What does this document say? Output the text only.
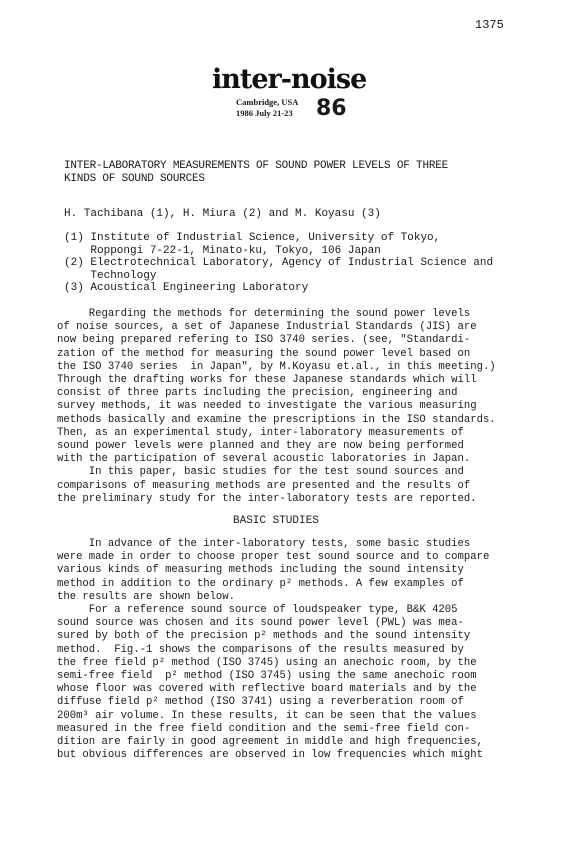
1375
inter-noise
Cambridge, USA
1986 July 21-23 86
INTER-LABORATORY MEASUREMENTS OF SOUND POWER LEVELS OF THREE
KINDS OF SOUND SOURCES
H. Tachibana (1), H. Miura (2) and M. Koyasu (3)
(1) Institute of Industrial Science, University of Tokyo,
Roppongi 7-22-1, Minato-ku, Tokyo, 106 Japan
(2) Electrotechnical Laboratory, Agency of Industrial Science and
Technology
(3) Acoustical Engineering Laboratory
Regarding the methods for determining the sound power levels
of noise sources, a set of Japanese Industrial Standards (JIS) are
now being prepared refering to ISO 3740 series. (see, "Standardi-
zation of the method for measuring the sound power level based on
the ISO 3740 series  in Japan", by M.Koyasu et.al., in this meeting.)
Through the drafting works for these Japanese standards which will
consist of three parts including the precision, engineering and
survey methods, it was needed to investigate the various measuring
methods basically and examine the prescriptions in the ISO standards.
Then, as an experimental study, inter-laboratory measurements of
sound power levels were planned and they are now being performed
with the participation of several acoustic laboratories in Japan.
In this paper, basic studies for the test sound sources and
comparisons of measuring methods are presented and the results of
the preliminary study for the inter-laboratory tests are reported.
BASIC STUDIES
In advance of the inter-laboratory tests, some basic studies
were made in order to choose proper test sound source and to compare
various kinds of measuring methods including the sound intensity
method in addition to the ordinary p² methods. A few examples of
the results are shown below.
For a reference sound source of loudspeaker type, B&K 4205
sound source was chosen and its sound power level (PWL) was mea-
sured by both of the precision p² methods and the sound intensity
method.  Fig.-1 shows the comparisons of the results measured by
the free field p² method (ISO 3745) using an anechoic room, by the
semi-free field  p² method (ISO 3745) using the same anechoic room
whose floor was covered with reflective board materials and by the
diffuse field p² method (ISO 3741) using a reverberation room of
200m³ air volume. In these results, it can be seen that the values
measured in the free field condition and the semi-free field con-
dition are fairly in good agreement in middle and high frequencies,
but obvious differences are observed in low frequencies which might
